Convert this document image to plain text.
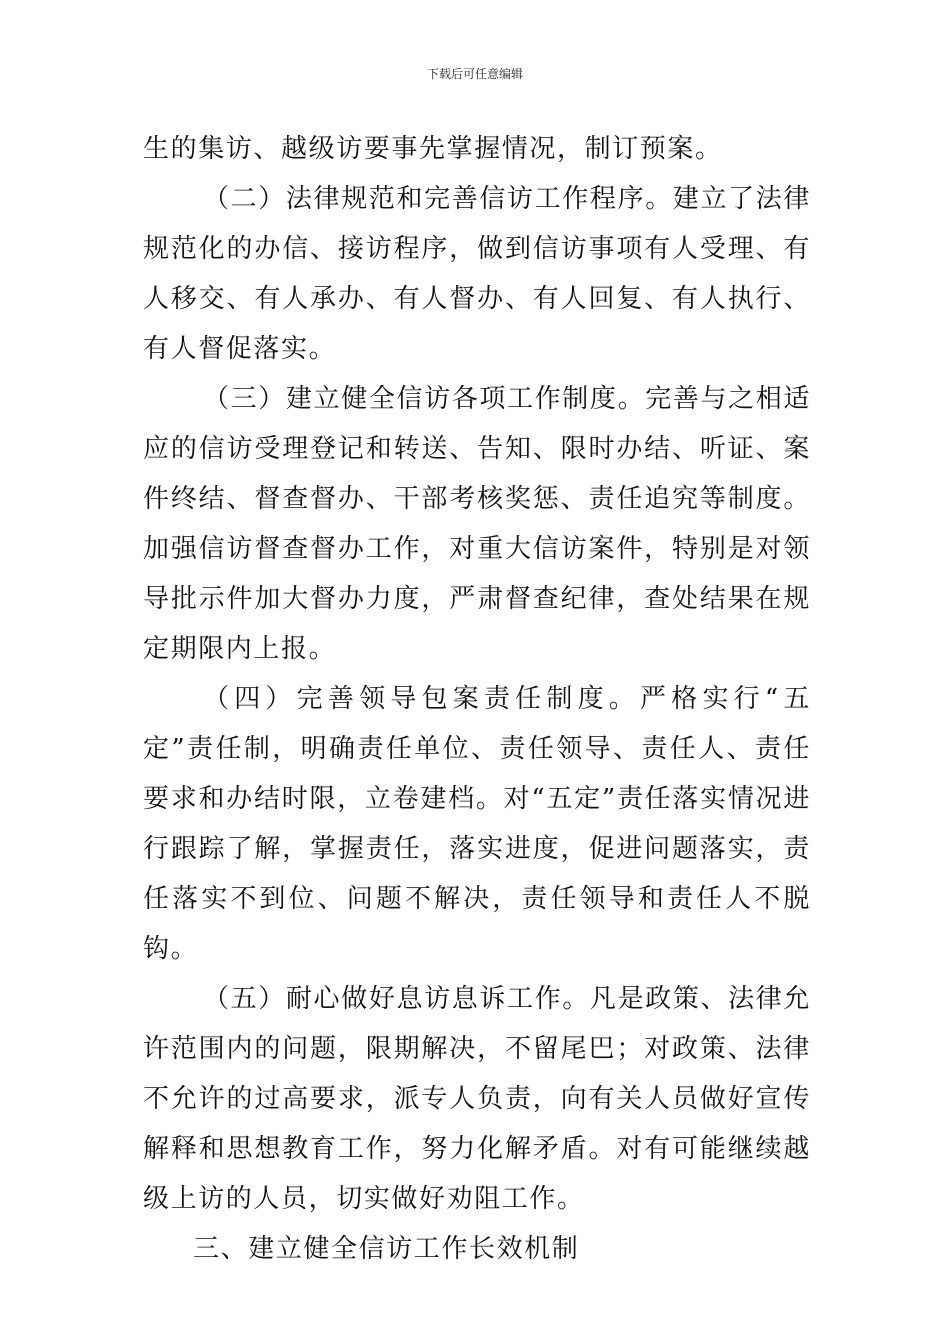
下载后可任意编辑

生的集访、越级访要事先掌握情况，制订预案。

（二）法律规范和完善信访工作程序。建立了法律规范化的办信、接访程序，做到信访事项有人受理、有人移交、有人承办、有人督办、有人回复、有人执行、有人督促落实。

（三）建立健全信访各项工作制度。完善与之相适应的信访受理登记和转送、告知、限时办结、听证、案件终结、督查督办、干部考核奖惩、责任追究等制度。加强信访督查督办工作，对重大信访案件，特别是对领导批示件加大督办力度，严肃督查纪律，查处结果在规定期限内上报。

（四）完善领导包案责任制度。严格实行“五定”责任制，明确责任单位、责任领导、责任人、责任要求和办结时限，立卷建档。对“五定”责任落实情况进行跟踪了解，掌握责任，落实进度，促进问题落实，责任落实不到位、问题不解决，责任领导和责任人不脱钩。

（五）耐心做好息访息诉工作。凡是政策、法律允许范围内的问题，限期解决，不留尾巴；对政策、法律不允许的过高要求，派专人负责，向有关人员做好宣传解释和思想教育工作，努力化解矛盾。对有可能继续越级上访的人员，切实做好劝阻工作。

三、建立健全信访工作长效机制
